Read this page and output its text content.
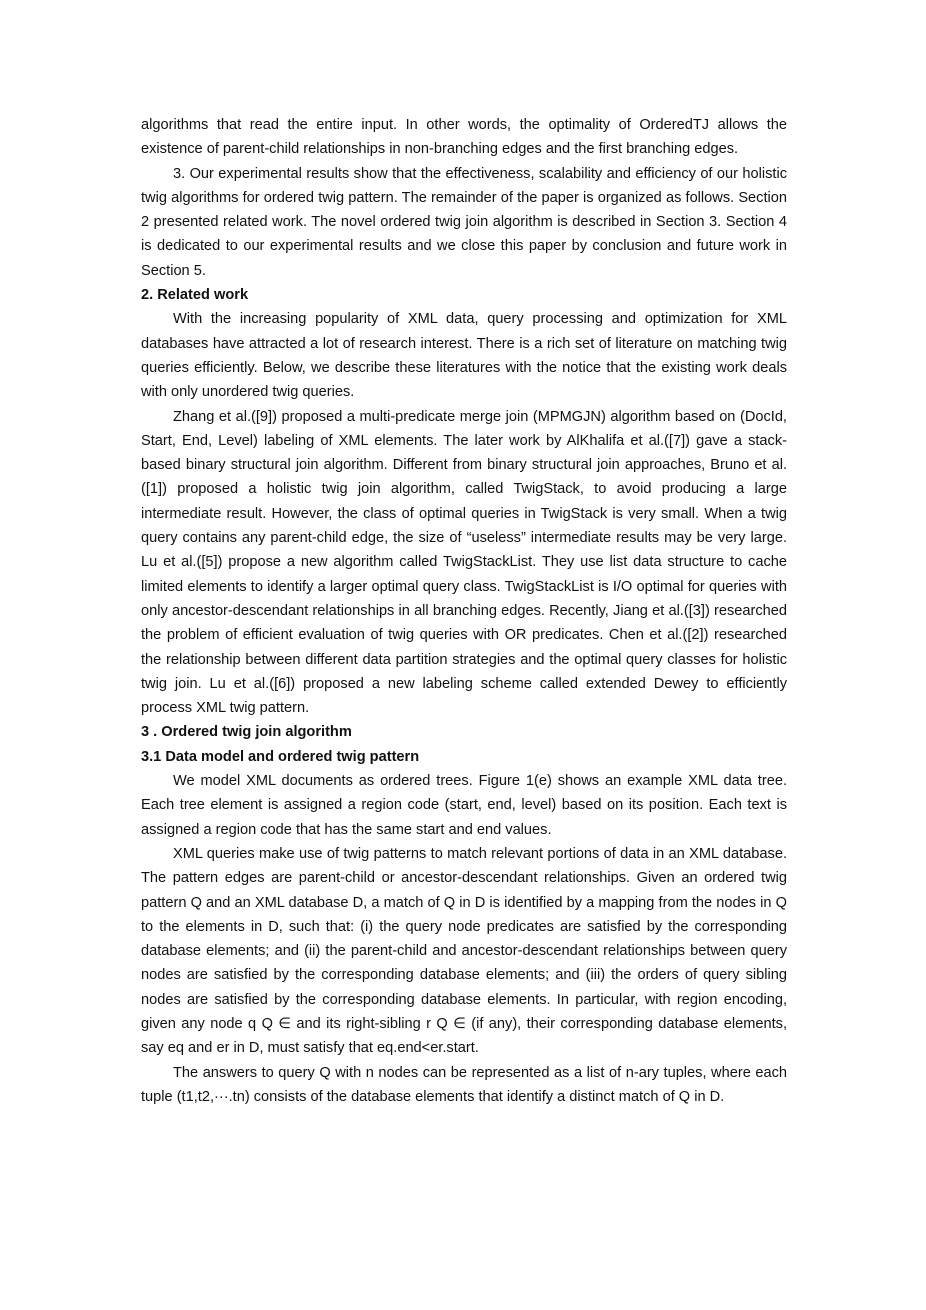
algorithms that read the entire input. In other words, the optimality of OrderedTJ allows the existence of parent-child relationships in non-branching edges and the first branching edges.

3. Our experimental results show that the effectiveness, scalability and efficiency of our holistic twig algorithms for ordered twig pattern. The remainder of the paper is organized as follows. Section 2 presented related work. The novel ordered twig join algorithm is described in Section 3. Section 4 is dedicated to our experimental results and we close this paper by conclusion and future work in Section 5.

2. Related work

With the increasing popularity of XML data, query processing and optimization for XML databases have attracted a lot of research interest. There is a rich set of literature on matching twig queries efficiently. Below, we describe these literatures with the notice that the existing work deals with only unordered twig queries.

Zhang et al.([9]) proposed a multi-predicate merge join (MPMGJN) algorithm based on (DocId, Start, End, Level) labeling of XML elements. The later work by AlKhalifa et al.([7]) gave a stack-based binary structural join algorithm. Different from binary structural join approaches, Bruno et al.([1]) proposed a holistic twig join algorithm, called TwigStack, to avoid producing a large intermediate result. However, the class of optimal queries in TwigStack is very small. When a twig query contains any parent-child edge, the size of “useless” intermediate results may be very large. Lu et al.([5]) propose a new algorithm called TwigStackList. They use list data structure to cache limited elements to identify a larger optimal query class. TwigStackList is I/O optimal for queries with only ancestor-descendant relationships in all branching edges. Recently, Jiang et al.([3]) researched the problem of efficient evaluation of twig queries with OR predicates. Chen et al.([2]) researched the relationship between different data partition strategies and the optimal query classes for holistic twig join. Lu et al.([6]) proposed a new labeling scheme called extended Dewey to efficiently process XML twig pattern.

3 . Ordered twig join algorithm
3.1 Data model and ordered twig pattern

We model XML documents as ordered trees. Figure 1(e) shows an example XML data tree. Each tree element is assigned a region code (start, end, level) based on its position. Each text is assigned a region code that has the same start and end values.

XML queries make use of twig patterns to match relevant portions of data in an XML database. The pattern edges are parent-child or ancestor-descendant relationships. Given an ordered twig pattern Q and an XML database D, a match of Q in D is identified by a mapping from the nodes in Q to the elements in D, such that: (i) the query node predicates are satisfied by the corresponding database elements; and (ii) the parent-child and ancestor-descendant relationships between query nodes are satisfied by the corresponding database elements; and (iii) the orders of query sibling nodes are satisfied by the corresponding database elements. In particular, with region encoding, given any node q Q ∈ and its right-sibling r Q ∈ (if any), their corresponding database elements, say eq and er in D, must satisfy that eq.end<er.start.

The answers to query Q with n nodes can be represented as a list of n-ary tuples, where each tuple (t1,t2,···.tn) consists of the database elements that identify a distinct match of Q in D.
